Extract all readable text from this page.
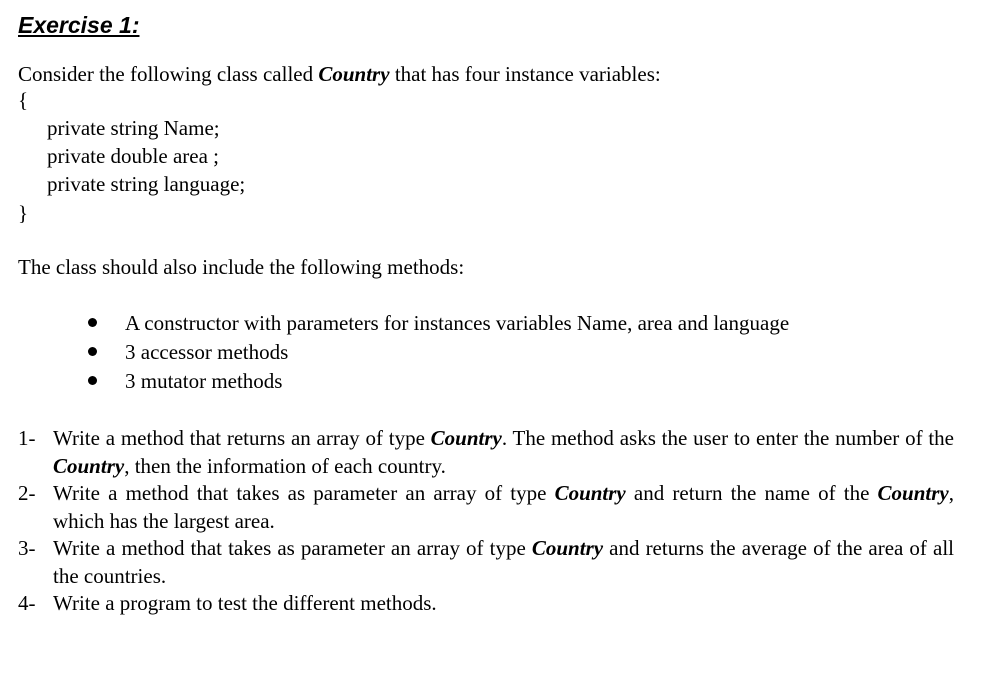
Exercise 1:
Consider the following class called Country that has four instance variables:
{
private string Name;
private double area ;
private string language;
}
The class should also include the following methods:
A constructor with parameters for instances variables Name, area and language
3 accessor methods
3 mutator methods
1- Write a method that returns an array of type Country. The method asks the user to enter the number of the Country, then the information of each country.
2- Write a method that takes as parameter an array of type Country and return the name of the Country, which has the largest area.
3- Write a method that takes as parameter an array of type Country and returns the average of the area of all the countries.
4- Write a program to test the different methods.
